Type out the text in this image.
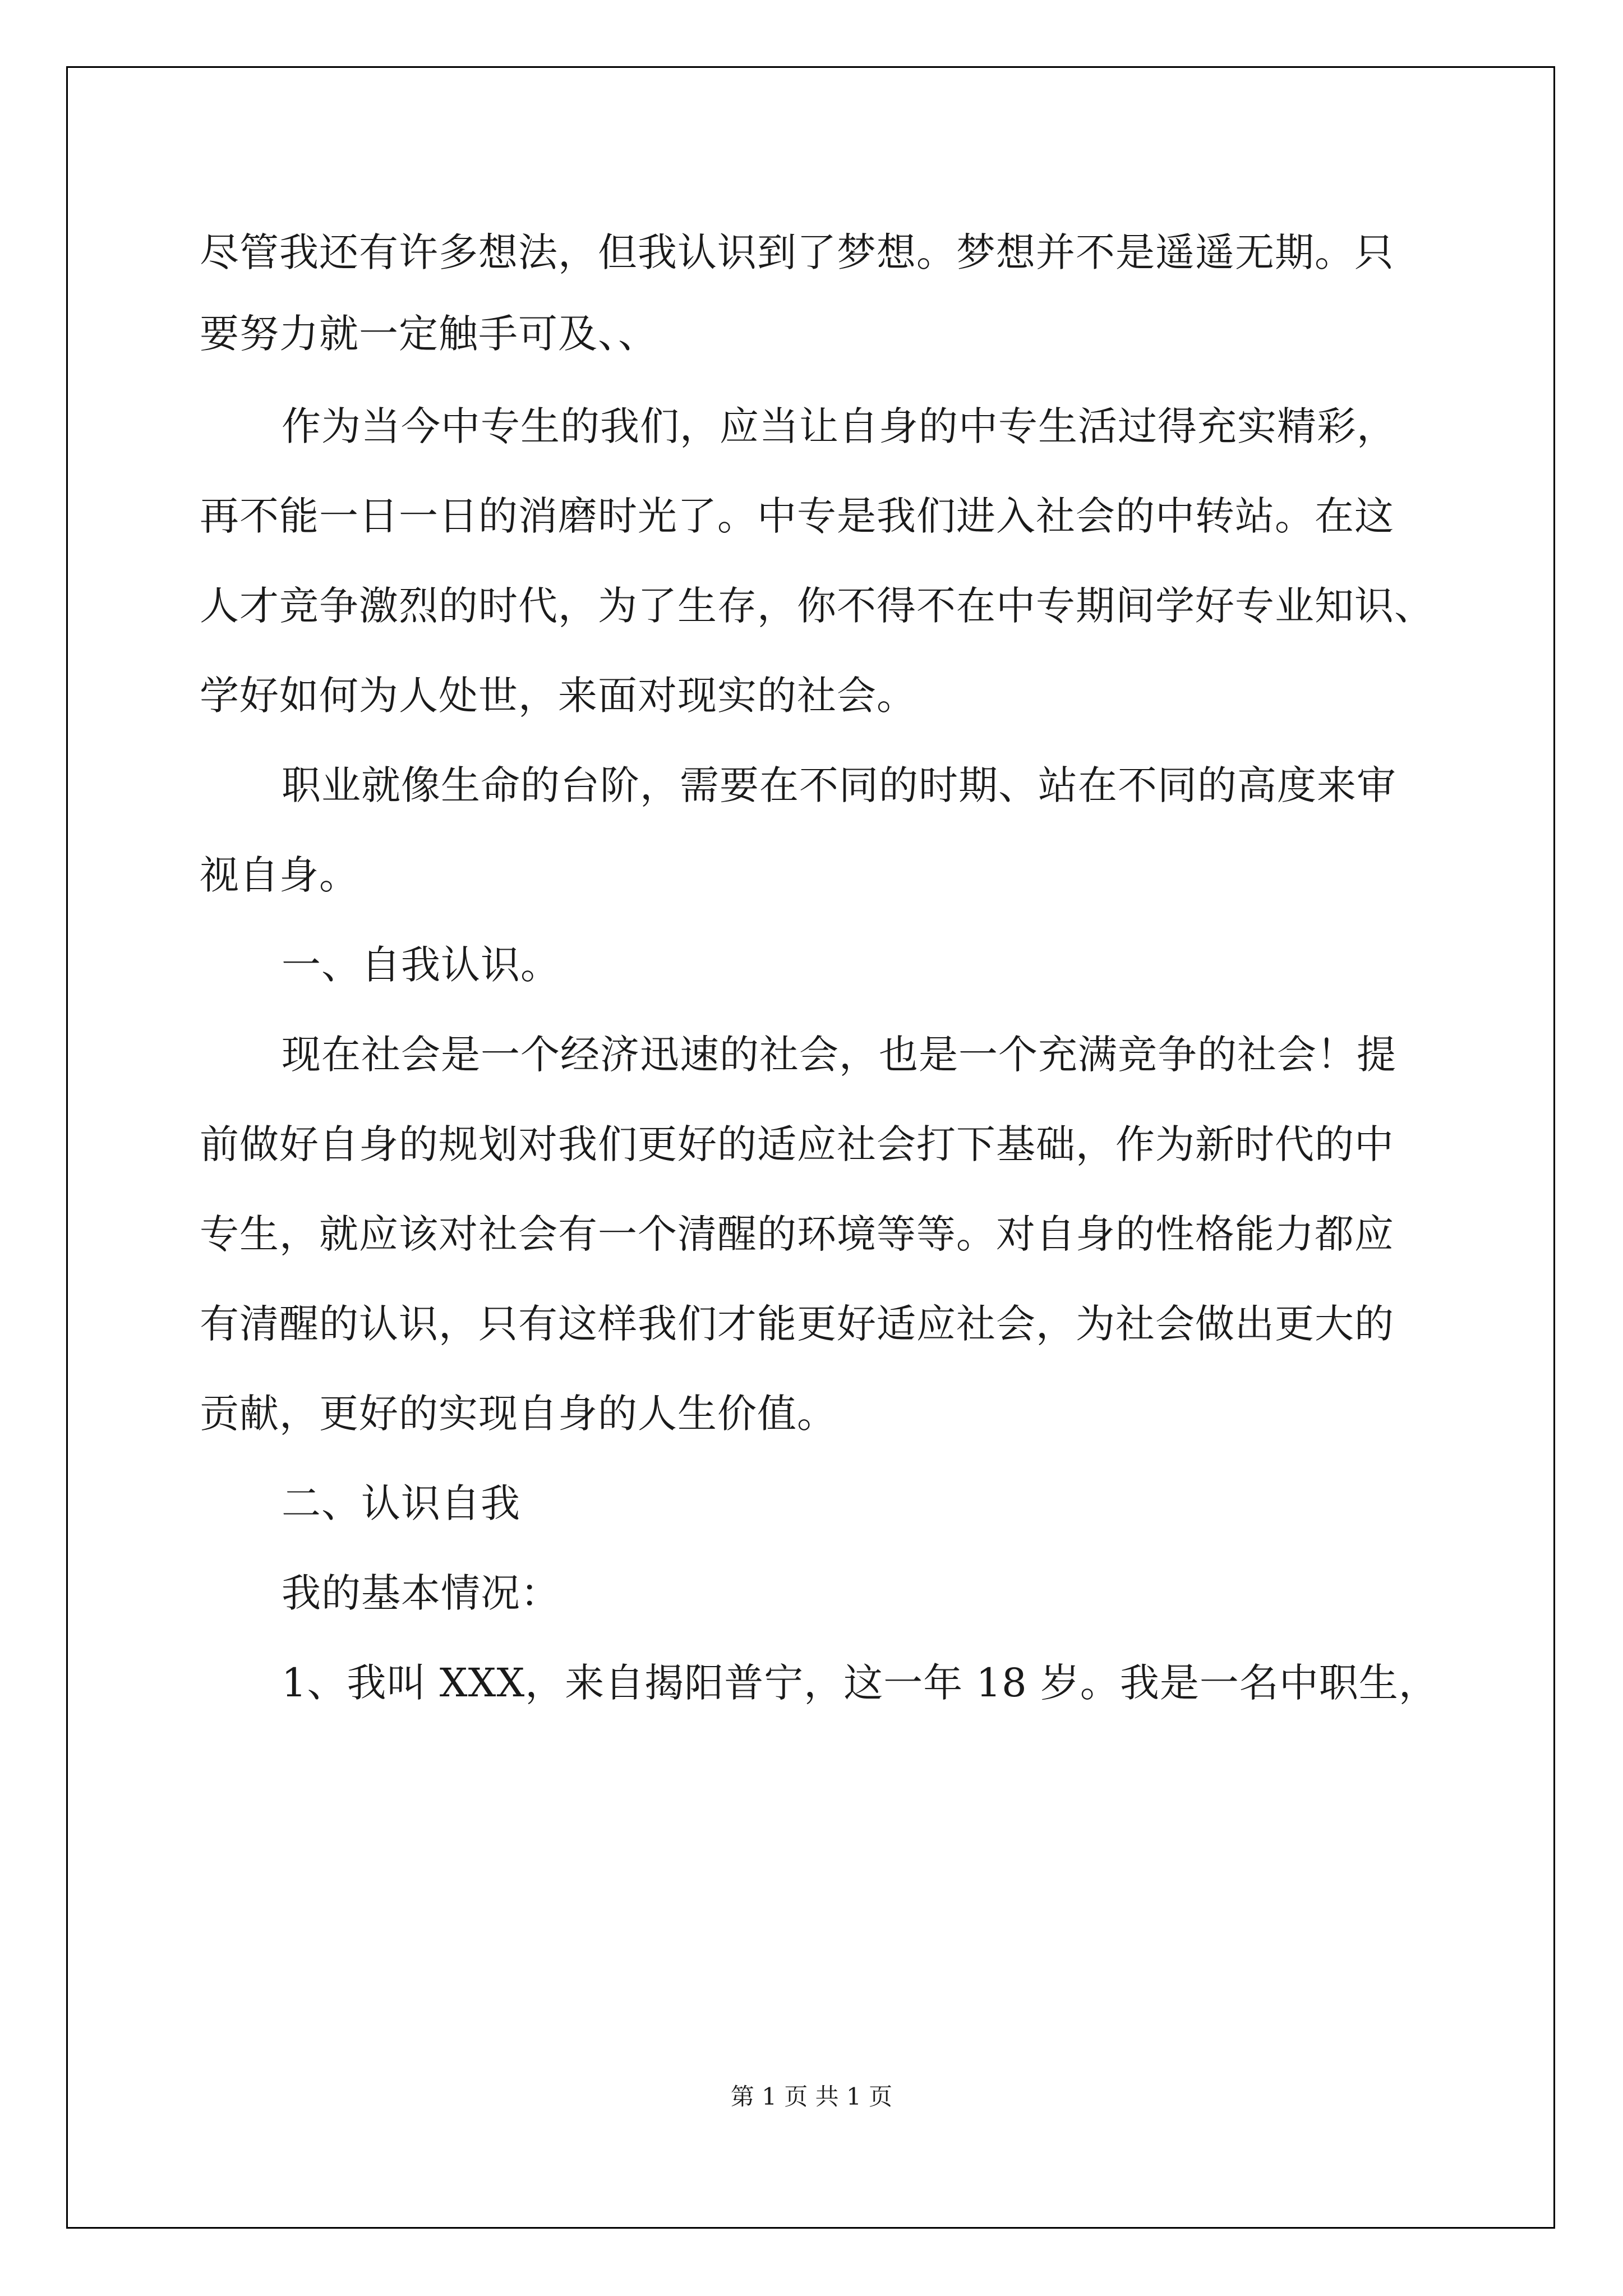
尽管我还有许多想法，但我认识到了梦想。梦想并不是遥遥无期。只
要努力就一定触手可及、、
作为当今中专生的我们，应当让自身的中专生活过得充实精彩，
再不能一日一日的消磨时光了。中专是我们进入社会的中转站。在这
人才竞争激烈的时代，为了生存，你不得不在中专期间学好专业知识、
学好如何为人处世，来面对现实的社会。
职业就像生命的台阶，需要在不同的时期、站在不同的高度来审
视自身。
一、自我认识。
现在社会是一个经济迅速的社会，也是一个充满竞争的社会！提
前做好自身的规划对我们更好的适应社会打下基础，作为新时代的中
专生，就应该对社会有一个清醒的环境等等。对自身的性格能力都应
有清醒的认识，只有这样我们才能更好适应社会，为社会做出更大的
贡献，更好的实现自身的人生价值。
二、认识自我
我的基本情况：
1、我叫 XXX，来自揭阳普宁，这一年 18 岁。我是一名中职生，
第 1 页 共 1 页
